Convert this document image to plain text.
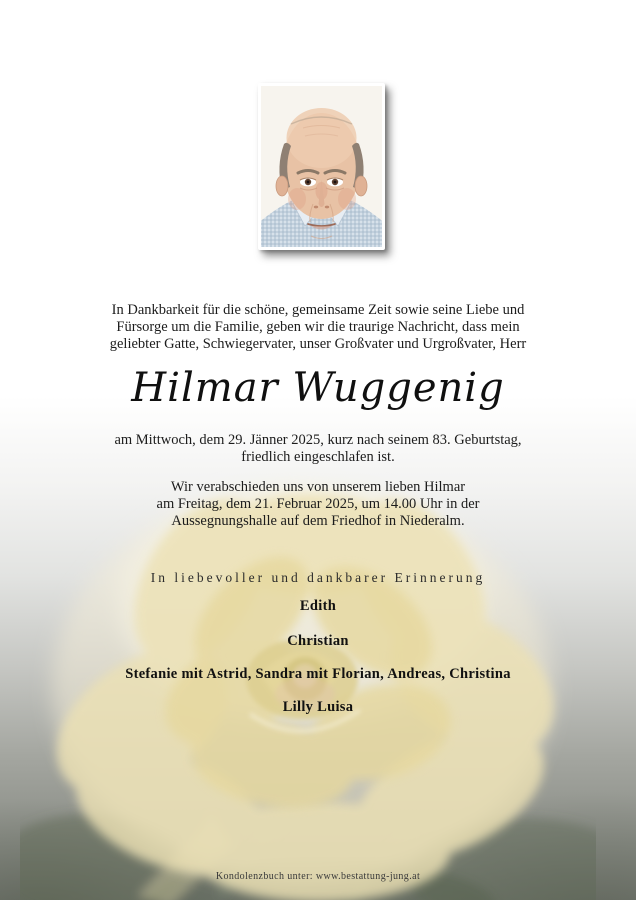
In Dankbarkeit für die schöne, gemeinsame Zeit sowie seine Liebe und
Fürsorge um die Familie, geben wir die traurige Nachricht, dass mein
geliebter Gatte, Schwiegervater, unser Großvater und Urgroßvater, Herr
Hilmar Wuggenig
am Mittwoch, dem 29. Jänner 2025, kurz nach seinem 83. Geburtstag,
friedlich eingeschlafen ist.
Wir verabschieden uns von unserem lieben Hilmar
am Freitag, dem 21. Februar 2025, um 14.00 Uhr in der
Aussegnungshalle auf dem Friedhof in Niederalm.
In liebevoller und dankbarer Erinnerung
Edith
Christian
Stefanie mit Astrid, Sandra mit Florian, Andreas, Christina
Lilly Luisa
Kondolenzbuch unter: www.bestattung-jung.at
